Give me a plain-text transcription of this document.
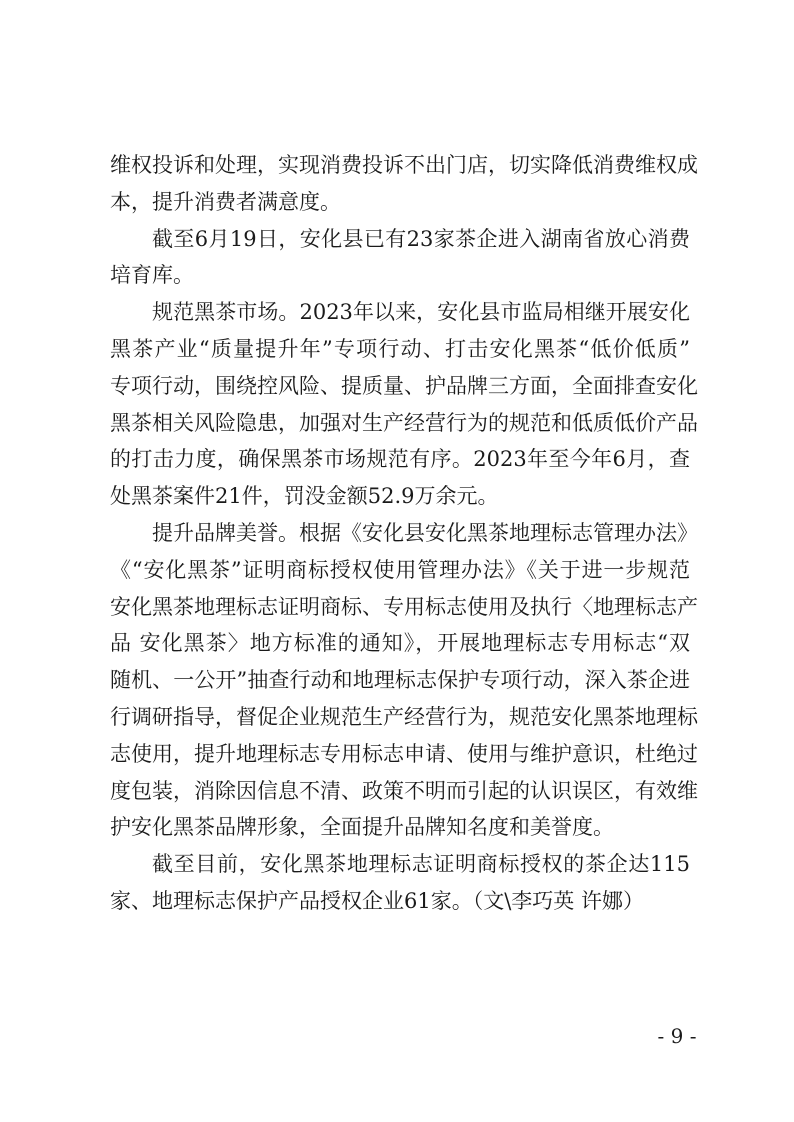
维权投诉和处理，实现消费投诉不出门店，切实降低消费维权成
本，提升消费者满意度。
截至6月19日，安化县已有23家茶企进入湖南省放心消费
培育库。
规范黑茶市场。2023年以来，安化县市监局相继开展安化
黑茶产业“质量提升年”专项行动、打击安化黑茶“低价低质”
专项行动，围绕控风险、提质量、护品牌三方面，全面排查安化
黑茶相关风险隐患，加强对生产经营行为的规范和低质低价产品
的打击力度，确保黑茶市场规范有序。2023年至今年6月，查
处黑茶案件21件，罚没金额52.9万余元。
提升品牌美誉。根据《安化县安化黑茶地理标志管理办法》
《“安化黑茶”证明商标授权使用管理办法》《关于进一步规范
安化黑茶地理标志证明商标、专用标志使用及执行〈地理标志产
品 安化黑茶〉地方标准的通知》，开展地理标志专用标志“双
随机、一公开”抽查行动和地理标志保护专项行动，深入茶企进
行调研指导，督促企业规范生产经营行为，规范安化黑茶地理标
志使用，提升地理标志专用标志申请、使用与维护意识，杜绝过
度包装，消除因信息不清、政策不明而引起的认识误区，有效维
护安化黑茶品牌形象，全面提升品牌知名度和美誉度。
截至目前，安化黑茶地理标志证明商标授权的茶企达115
家、地理标志保护产品授权企业61家。（文\李巧英 许娜）
- 9 -
